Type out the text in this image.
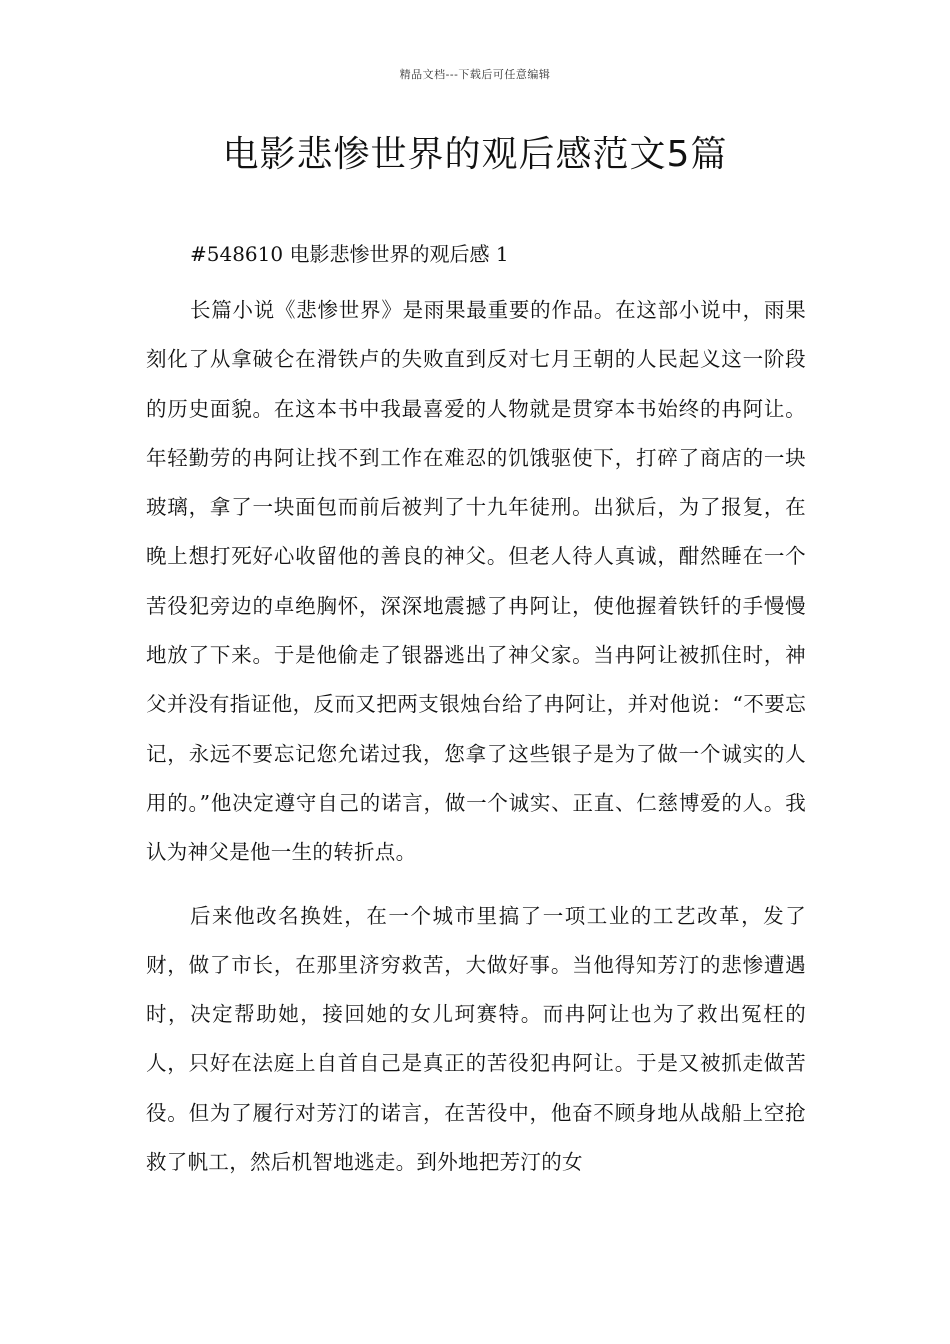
精品文档---下载后可任意编辑
电影悲惨世界的观后感范文5篇

#548610 电影悲惨世界的观后感 1

长篇小说《悲惨世界》是雨果最重要的作品。在这部小说中，雨果刻化了从拿破仑在滑铁卢的失败直到反对七月王朝的人民起义这一阶段的历史面貌。在这本书中我最喜爱的人物就是贯穿本书始终的冉阿让。年轻勤劳的冉阿让找不到工作在难忍的饥饿驱使下，打碎了商店的一块玻璃，拿了一块面包而前后被判了十九年徒刑。出狱后，为了报复，在晚上想打死好心收留他的善良的神父。但老人待人真诚，酣然睡在一个苦役犯旁边的卓绝胸怀，深深地震撼了冉阿让，使他握着铁钎的手慢慢地放了下来。于是他偷走了银器逃出了神父家。当冉阿让被抓住时，神父并没有指证他，反而又把两支银烛台给了冉阿让，并对他说：“不要忘记，永远不要忘记您允诺过我，您拿了这些银子是为了做一个诚实的人用的。”他决定遵守自己的诺言，做一个诚实、正直、仁慈博爱的人。我认为神父是他一生的转折点。

后来他改名换姓，在一个城市里搞了一项工业的工艺改革，发了财，做了市长，在那里济穷救苦，大做好事。当他得知芳汀的悲惨遭遇时，决定帮助她，接回她的女儿珂赛特。而冉阿让也为了救出冤枉的人，只好在法庭上自首自己是真正的苦役犯冉阿让。于是又被抓走做苦役。但为了履行对芳汀的诺言，在苦役中，他奋不顾身地从战船上空抢救了帆工，然后机智地逃走。到外地把芳汀的女
